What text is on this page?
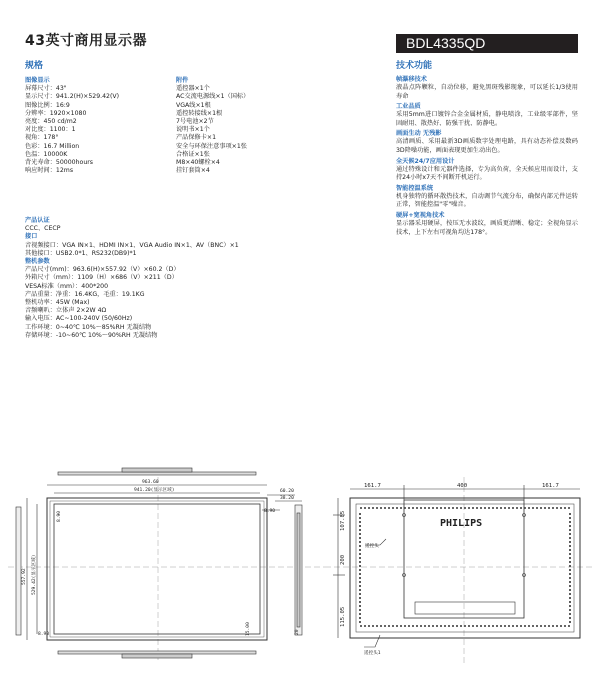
43英寸商用显示器	BDL4335QD
规格	技术功能
图像显示
屏幕尺寸：43"
显示尺寸：941.2(H)×529.42(V)
图像比例：16:9
分辨率：1920×1080
亮度：450 cd/m2
对比度：1100：1
视角：178°
色彩：16.7 Million
色温：10000K
背光寿命：50000hours
响应时间：12ms
附件
遥控器×1个
AC交流电源线×1（国标）
VGA线×1根
遥控转接线×1根
7号电池×2节
说明书×1个
产品保修卡×1
安全与环保注意事项×1张
合格证×1张
M8×40螺栓×4
挂钉套筒×4
产品认证
CCC、CECP
接口
音视频接口：VGA IN×1、HDMI IN×1、VGA Audio IN×1、AV（BNC）×1
其他接口：USB2.0*1、RS232(DB9)*1
整机参数
产品尺寸(mm)：963.6(H)×557.92（V）×60.2（D）
外箱尺寸（mm）：1109（H）×686（V）×211（D）
VESA标准（mm）：400*200
产品重量：净重：16.4KG，毛重：19.1KG
整机功率：45W (Max)
音频喇叭：立体声 2×2W 4Ω
输入电压：AC~100-240V (50/60Hz)
工作环境：0~40℃ 10%～85%RH 无凝结物
存储环境：-10~60℃ 10%～90%RH 无凝结物
帧瀑移技术
液晶点阵颗粒，自动位移，避免黑斑残影现象，可以延长1/3使用寿命
工业品质
采用5mm进口镀锌合金金属材质，静电喷涂，工业级零部件，坚固耐用、散热好、防强干扰、防静电。
画面生动 无残影
高清画质、采用最新3D画质数字处理电路，具有动态补偿及数码3D降噪功能，画面表现更加生动出色。
全天候24/7应用设计
通过特殊设计和元器件选择，专为高负荷，全天候应用而设计，支持24小时x7天不间断开机运行。
智能控温系统
机身独特的循环散热技术，自动调节气流分布，确保内部元件运转正常，智能控温"零"噪音。
硬屏+宽视角技术
显示器采用硬屏，按压无水波纹，画质更清晰、稳定；全视角显示技术，上下左右可视角均达178°。
963.60
941.20(显示区域)	60.20
38.20
8.90
8.90
557.92	529.42(显示区域)
8.90	15.00	20
161.7	400	161.7
107.85
200
115.05
PHILIPS
遥控头
遥控头1
